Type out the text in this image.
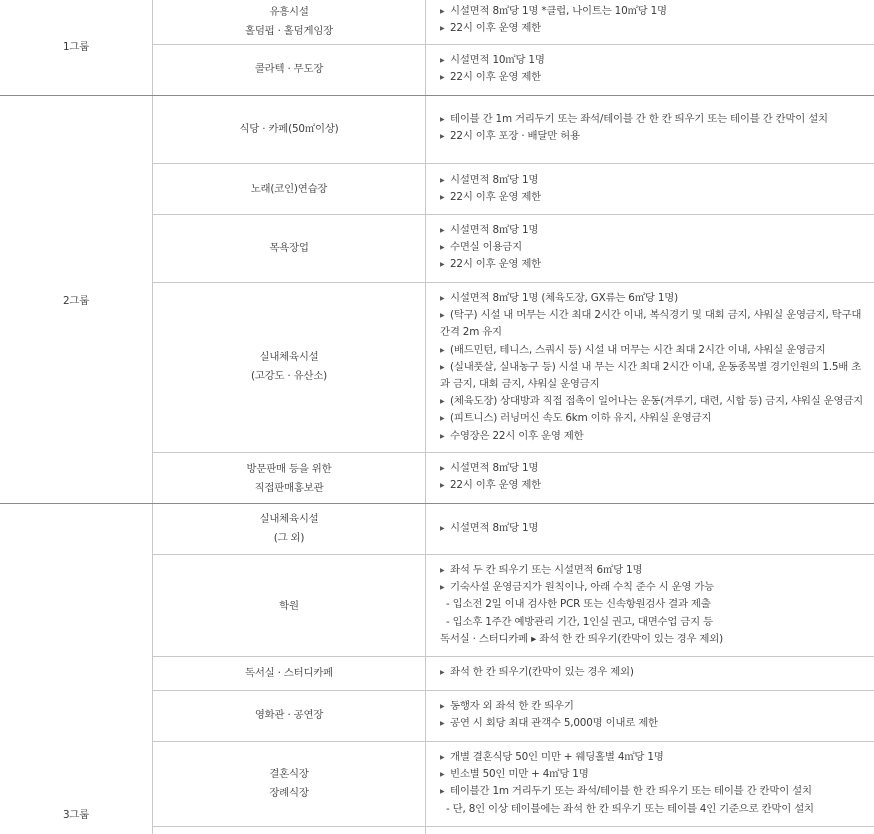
1그룹
2그룹
3그룹
유흥시설
홀덤펍 · 홀덤게임장
▶ 시설면적 8㎡당 1명 *클럽, 나이트는 10㎡당 1명
▶ 22시 이후 운영 제한
콜라텍 · 무도장
▶ 시설면적 10㎡당 1명
▶ 22시 이후 운영 제한
식당 · 카페(50㎡이상)
▶ 테이블 간 1m 거리두기 또는 좌석/테이블 간 한 칸 띄우기 또는 테이블 간 칸막이 설치
▶ 22시 이후 포장 · 배달만 허용
노래(코인)연습장
▶ 시설면적 8㎡당 1명
▶ 22시 이후 운영 제한
목욕장업
▶ 시설면적 8㎡당 1명
▶ 수면실 이용금지
▶ 22시 이후 운영 제한
실내체육시설
(고강도 · 유산소)
▶ 시설면적 8㎡당 1명 (체육도장, GX류는 6㎡당 1명)
▶ (탁구) 시설 내 머무는 시간 최대 2시간 이내, 복식경기 및 대회 금지, 샤워실 운영금지, 탁구대 간격 2m 유지
▶ (배드민턴, 테니스, 스쿼시 등) 시설 내 머무는 시간 최대 2시간 이내, 샤워실 운영금지
▶ (실내풋살, 실내농구 등) 시설 내 무는 시간 최대 2시간 이내, 운동종목별 경기인원의 1.5배 초과 금지, 대회 금지, 샤워실 운영금지
▶ (체육도장) 상대방과 직접 접촉이 일어나는 운동(겨루기, 대련, 시합 등) 금지, 샤워실 운영금지
▶ (피트니스) 러닝머신 속도 6km 이하 유지, 샤워실 운영금지
▶ 수영장은 22시 이후 운영 제한
방문판매 등을 위한
직접판매홍보관
▶ 시설면적 8㎡당 1명
▶ 22시 이후 운영 제한
실내체육시설
(그 외)
▶ 시설면적 8㎡당 1명
학원
▶ 좌석 두 칸 띄우기 또는 시설면적 6㎡당 1명
▶ 기숙사설 운영금지가 원칙이나, 아래 수칙 준수 시 운영 가능
- 입소전 2일 이내 검사한 PCR 또는 신속항원검사 결과 제출
- 입소후 1주간 예방관리 기간, 1인실 권고, 대면수업 금지 등
독서실 · 스터디카페 ▸ 좌석 한 칸 띄우기(칸막이 있는 경우 제외)
독서실 · 스터디카페	▶ 좌석 한 칸 띄우기(칸막이 있는 경우 제외)
영화관 · 공연장
▶ 동행자 외 좌석 한 칸 띄우기
▶ 공연 시 회당 최대 관객수 5,000명 이내로 제한
결혼식장
장례식장
▶ 개별 결혼식당 50인 미만 + 웨딩홀별 4㎡당 1명
▶ 빈소별 50인 미만 + 4㎡당 1명
▶ 테이블간 1m 거리두기 또는 좌석/테이블 한 칸 띄우기 또는 테이블 간 칸막이 설치
- 단, 8인 이상 테이블에는 좌석 한 칸 띄우기 또는 테이블 4인 기준으로 칸막이 설치
